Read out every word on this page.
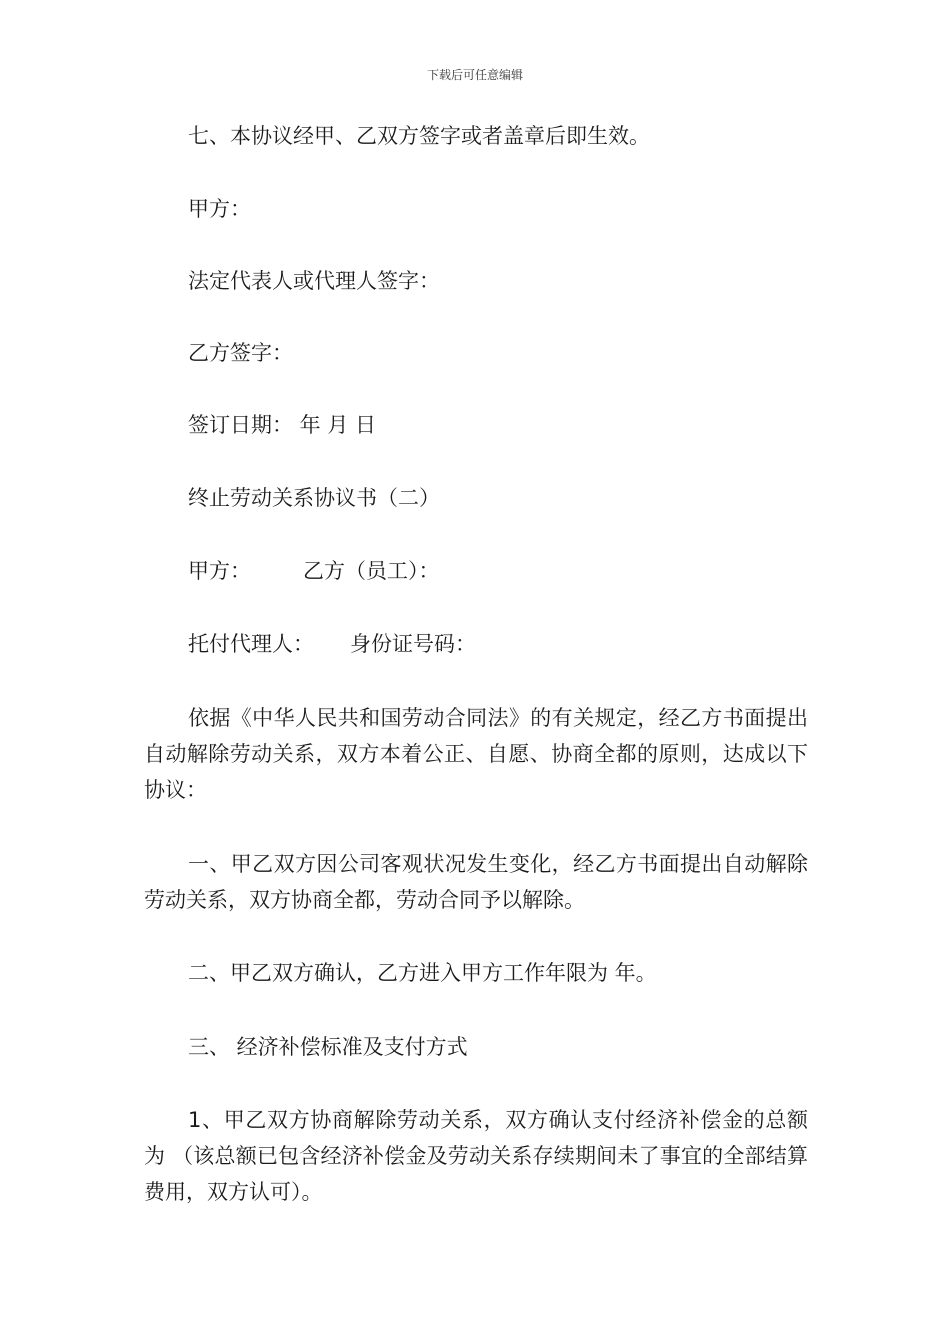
下载后可任意编辑
七、本协议经甲、乙双方签字或者盖章后即生效。
甲方：
法定代表人或代理人签字：
乙方签字：
签订日期： 年 月 日
终止劳动关系协议书（二）
甲方： 乙方（员工）：
托付代理人： 身份证号码：
依据《中华人民共和国劳动合同法》的有关规定，经乙方书面提出自动解除劳动关系，双方本着公正、自愿、协商全都的原则，达成以下协议：
一、甲乙双方因公司客观状况发生变化，经乙方书面提出自动解除劳动关系，双方协商全都，劳动合同予以解除。
二、甲乙双方确认，乙方进入甲方工作年限为 年。
三、 经济补偿标准及支付方式
1、甲乙双方协商解除劳动关系，双方确认支付经济补偿金的总额为 （该总额已包含经济补偿金及劳动关系存续期间未了事宜的全部结算费用，双方认可）。
